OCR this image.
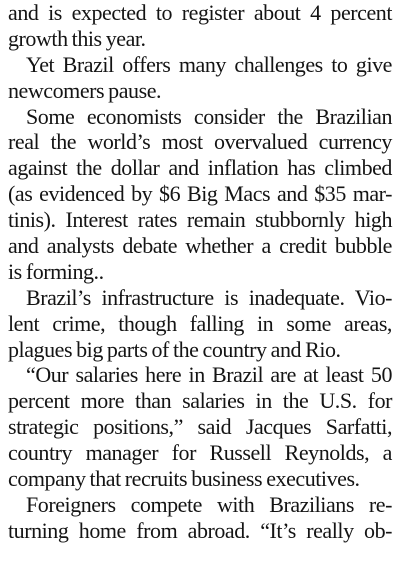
and is expected to register about 4 percent
growth this year.
Yet Brazil offers many challenges to give
newcomers pause.
Some economists consider the Brazilian
real the world’s most overvalued currency
against the dollar and inflation has climbed
(as evidenced by $6 Big Macs and $35 mar-
tinis). Interest rates remain stubbornly high
and analysts debate whether a credit bubble
is forming..
Brazil’s infrastructure is inadequate. Vio-
lent crime, though falling in some areas,
plagues big parts of the country and Rio.
“Our salaries here in Brazil are at least 50
percent more than salaries in the U.S. for
strategic positions,” said Jacques Sarfatti,
country manager for Russell Reynolds, a
company that recruits business executives.
Foreigners compete with Brazilians re-
turning home from abroad. “It’s really ob-
